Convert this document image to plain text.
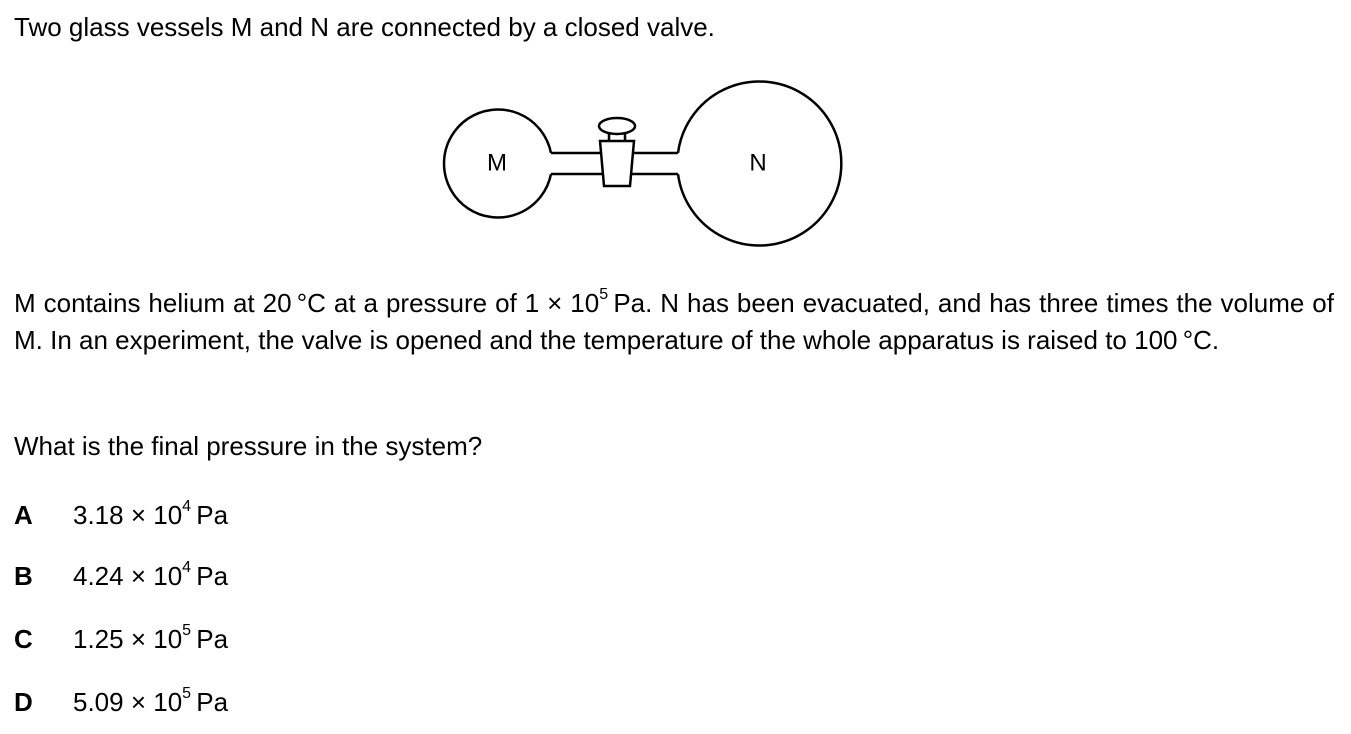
Two glass vessels M and N are connected by a closed valve.
M	N
M contains helium at 20 °C at a pressure of $1 \times 10^5$ Pa. N has been evacuated, and has three times the volume of M. In an experiment, the valve is opened and the temperature of the whole apparatus is raised to 100 °C.
What is the final pressure in the system?
A $3.18 \times 10^4$ Pa
B $4.24 \times 10^4$ Pa
C $1.25 \times 10^5$ Pa
D $5.09 \times 10^5$ Pa
